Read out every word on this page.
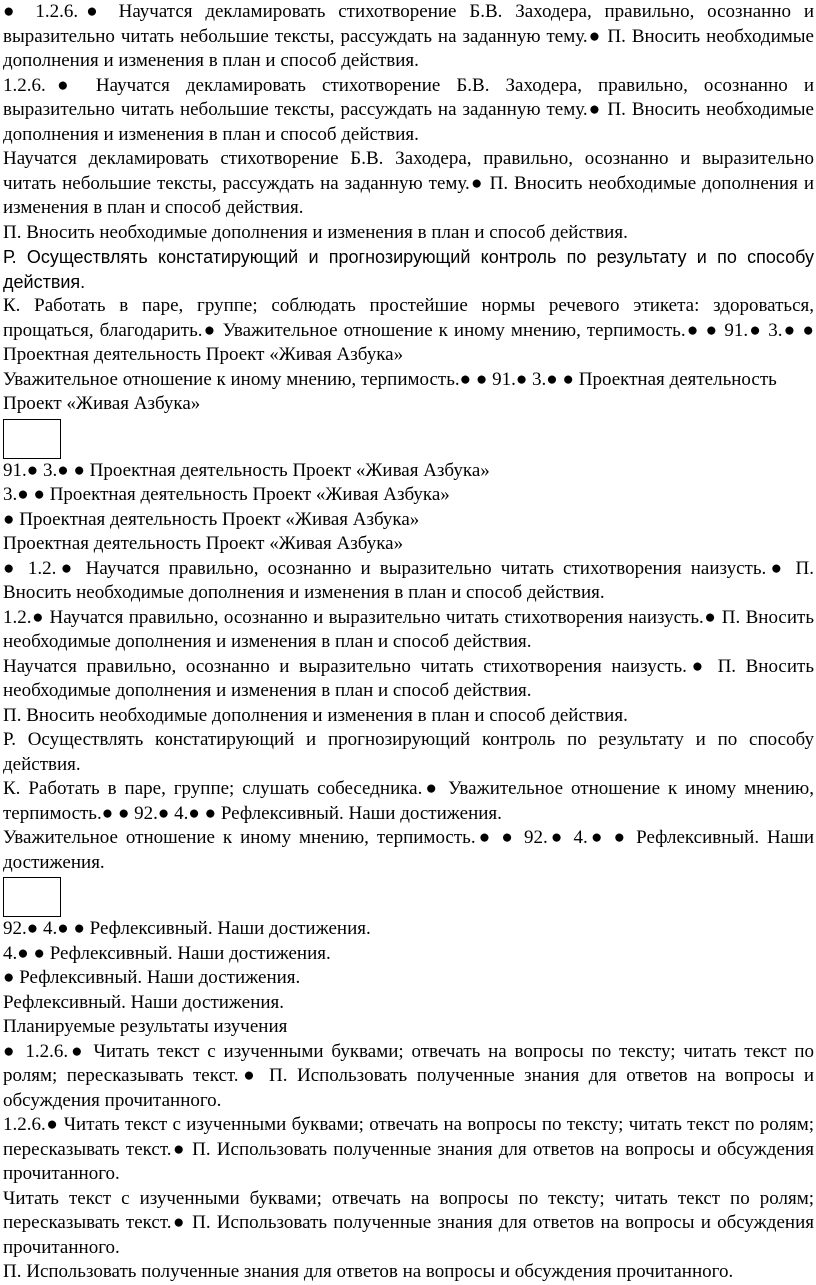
● 1.2.6.● Научатся декламировать стихотворение Б.В. Заходера, правильно, осознанно и выразительно читать небольшие тексты, рассуждать на заданную тему.● П. Вносить необходимые дополнения и изменения в план и способ действия.

1.2.6.● Научатся декламировать стихотворение Б.В. Заходера, правильно, осознанно и выразительно читать небольшие тексты, рассуждать на заданную тему.● П. Вносить необходимые дополнения и изменения в план и способ действия.

Научатся декламировать стихотворение Б.В. Заходера, правильно, осознанно и выразительно читать небольшие тексты, рассуждать на заданную тему.● П. Вносить необходимые дополнения и изменения в план и способ действия.

П. Вносить необходимые дополнения и изменения в план и способ действия.

Р. Осуществлять констатирующий и прогнозирующий контроль по результату и по способу действия.

К. Работать в паре, группе; соблюдать простейшие нормы речевого этикета: здороваться, прощаться, благодарить.● Уважительное отношение к иному мнению, терпимость.● ● 91.● 3.● ● Проектная деятельность Проект «Живая Азбука»

Уважительное отношение к иному мнению, терпимость.● ● 91.● 3.● ● Проектная деятельность Проект «Живая Азбука»

91.● 3.● ● Проектная деятельность Проект «Живая Азбука»

3.● ● Проектная деятельность Проект «Живая Азбука»

● Проектная деятельность Проект «Живая Азбука»

Проектная деятельность Проект «Живая Азбука»

● 1.2.● Научатся правильно, осознанно и выразительно читать стихотворения наизусть.● П. Вносить необходимые дополнения и изменения в план и способ действия.

1.2.● Научатся правильно, осознанно и выразительно читать стихотворения наизусть.● П. Вносить необходимые дополнения и изменения в план и способ действия.

Научатся правильно, осознанно и выразительно читать стихотворения наизусть.● П. Вносить необходимые дополнения и изменения в план и способ действия.

П. Вносить необходимые дополнения и изменения в план и способ действия.

Р. Осуществлять констатирующий и прогнозирующий контроль по результату и по способу действия.

К. Работать в паре, группе; слушать собеседника.● Уважительное отношение к иному мнению, терпимость.● ● 92.● 4.● ● Рефлексивный. Наши достижения.

Уважительное отношение к иному мнению, терпимость.● ● 92.● 4.● ● Рефлексивный. Наши достижения.

92.● 4.● ● Рефлексивный. Наши достижения.

4.● ● Рефлексивный. Наши достижения.

● Рефлексивный. Наши достижения.

Рефлексивный. Наши достижения.

Планируемые результаты изучения

● 1.2.6.● Читать текст с изученными буквами; отвечать на вопросы по тексту; читать текст по ролям; пересказывать текст.● П. Использовать полученные знания для ответов на вопросы и обсуждения прочитанного.

1.2.6.● Читать текст с изученными буквами; отвечать на вопросы по тексту; читать текст по ролям; пересказывать текст.● П. Использовать полученные знания для ответов на вопросы и обсуждения прочитанного.

Читать текст с изученными буквами; отвечать на вопросы по тексту; читать текст по ролям; пересказывать текст.● П. Использовать полученные знания для ответов на вопросы и обсуждения прочитанного.

П. Использовать полученные знания для ответов на вопросы и обсуждения прочитанного.
